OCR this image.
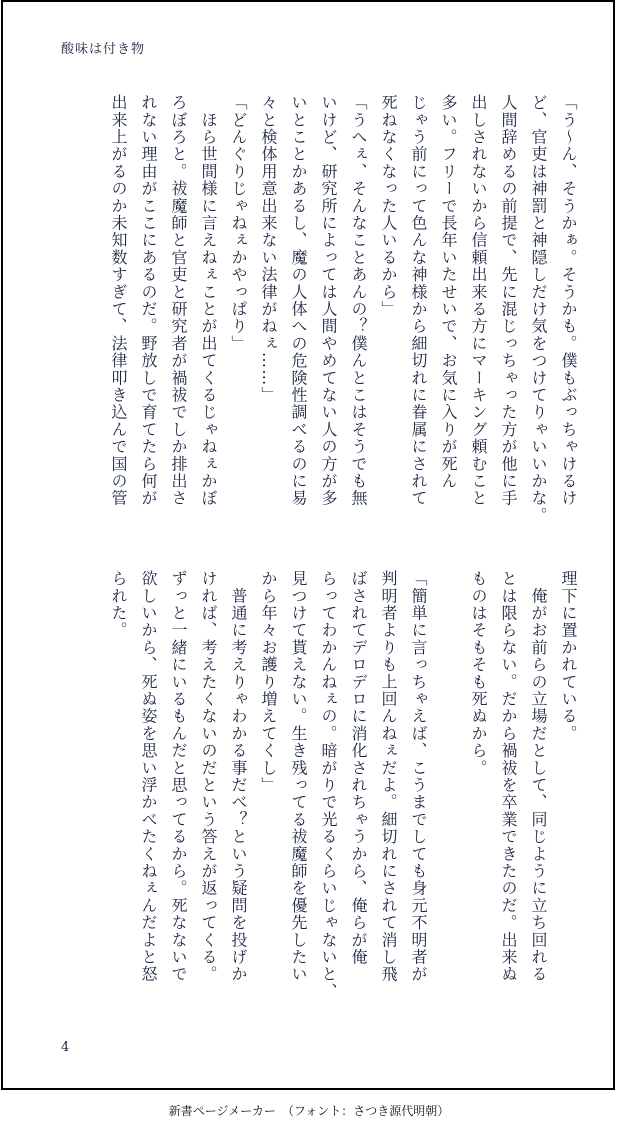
酸味は付き物
「う～ん、そうかぁ。そうかも。僕もぶっちゃけるけ
ど、官吏は神罰と神隠しだけ気をつけてりゃいいかな。
人間辞めるの前提で、先に混じっちゃった方が他に手
出しされないから信頼出来る方にマーキング頼むこと
多い。フリーで長年いたせいで、お気に入りが死ん
じゃう前にって色んな神様から細切れに眷属にされて
死ねなくなった人いるから」
「うへぇ、そんなことあんの？僕んとこはそうでも無
いけど、研究所によっては人間やめてない人の方が多
いとことかあるし、魔の人体への危険性調べるのに易
々と検体用意出来ない法律がねぇ……」
「どんぐりじゃねぇかやっぱり」
　ほら世間様に言えねぇことが出てくるじゃねぇかぼ
ろぼろと。祓魔師と官吏と研究者が禍祓でしか排出さ
れない理由がここにあるのだ。野放しで育てたら何が
出来上がるのか未知数すぎて、法律叩き込んで国の管
理下に置かれている。
　俺がお前らの立場だとして、同じように立ち回れる
とは限らない。だから禍祓を卒業できたのだ。出来ぬ
ものはそもそも死ぬから。

「簡単に言っちゃえば、こうまでしても身元不明者が
判明者よりも上回んねぇだよ。細切れにされて消し飛
ばされてデロデロに消化されちゃうから、俺らが俺
らってわかんねぇの。暗がりで光るくらいじゃないと、
見つけて貰えない。生き残ってる祓魔師を優先したい
から年々お護り増えてくし」
　普通に考えりゃわかる事だべ？という疑問を投げか
ければ、考えたくないのだという答えが返ってくる。
ずっと一緒にいるもんだと思ってるから。死なないで
欲しいから、死ぬ姿を思い浮かべたくねぇんだよと怒
られた。
4
新書ページメーカー　（フォント：さつき源代明朝）
